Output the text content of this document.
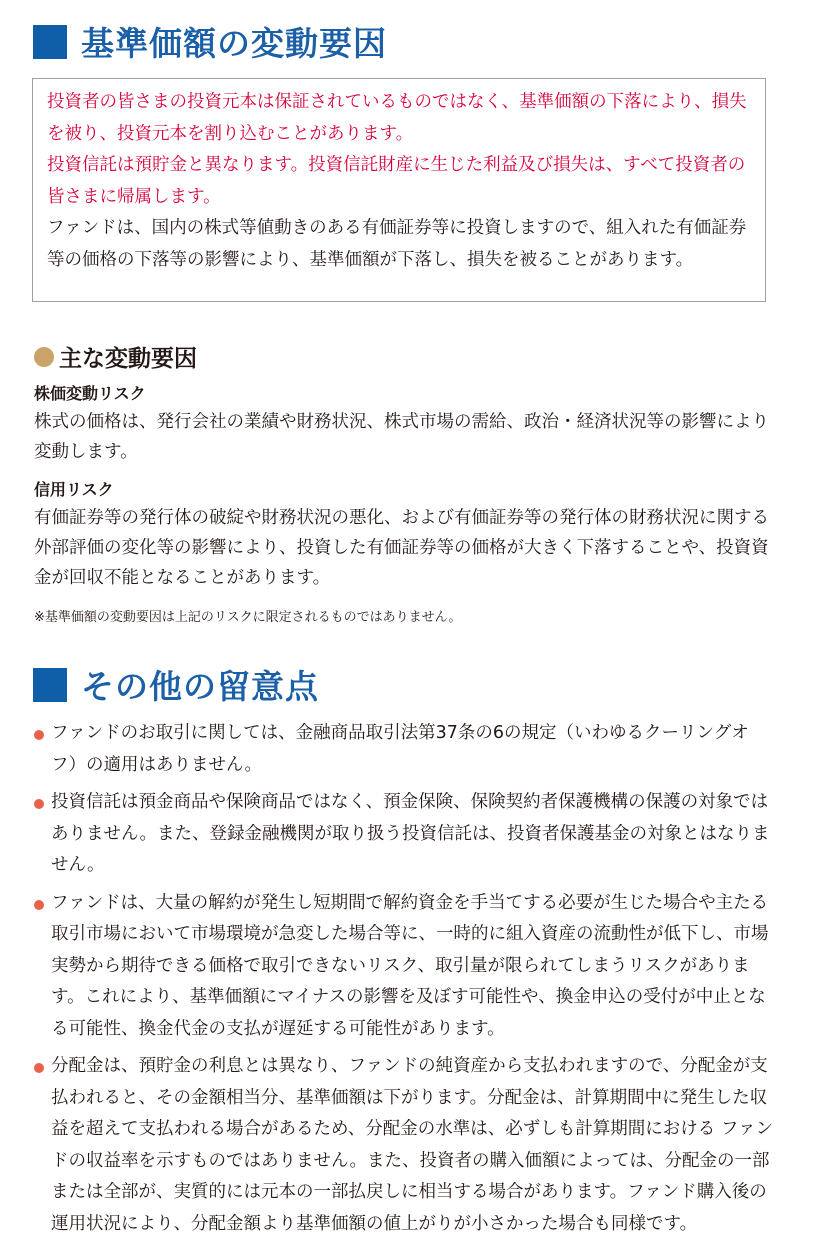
基準価額の変動要因

投資者の皆さまの投資元本は保証されているものではなく、基準価額の下落により、損失を被り、投資元本を割り込むことがあります。

投資信託は預貯金と異なります。投資信託財産に生じた利益及び損失は、すべて投資者の皆さまに帰属します。

ファンドは、国内の株式等値動きのある有価証券等に投資しますので、組入れた有価証券等の価格の下落等の影響により、基準価額が下落し、損失を被ることがあります。

主な変動要因

株価変動リスク

株式の価格は、発行会社の業績や財務状況、株式市場の需給、政治・経済状況等の影響により変動します。

信用リスク

有価証券等の発行体の破綻や財務状況の悪化、および有価証券等の発行体の財務状況に関する外部評価の変化等の影響により、投資した有価証券等の価格が大きく下落することや、投資資金が回収不能となることがあります。

※基準価額の変動要因は上記のリスクに限定されるものではありません。
その他の留意点
ファンドのお取引に関しては、金融商品取引法第37条の6の規定（いわゆるクーリングオフ）の適用はありません。
投資信託は預金商品や保険商品ではなく、預金保険、保険契約者保護機構の保護の対象ではありません。また、登録金融機関が取り扱う投資信託は、投資者保護基金の対象とはなりません。
ファンドは、大量の解約が発生し短期間で解約資金を手当てする必要が生じた場合や主たる取引市場において市場環境が急変した場合等に、一時的に組入資産の流動性が低下し、市場実勢から期待できる価格で取引できないリスク、取引量が限られてしまうリスクがあります。これにより、基準価額にマイナスの影響を及ぼす可能性や、換金申込の受付が中止となる可能性、換金代金の支払が遅延する可能性があります。
分配金は、預貯金の利息とは異なり、ファンドの純資産から支払われますので、分配金が支払われると、その金額相当分、基準価額は下がります。分配金は、計算期間中に発生した収益を超えて支払われる場合があるため、分配金の水準は、必ずしも計算期間における ファンドの収益率を示すものではありません。また、投資者の購入価額によっては、分配金の一部または全部が、実質的には元本の一部払戻しに相当する場合があります。ファンド購入後の運用状況により、分配金額より基準価額の値上がりが小さかった場合も同様です。
